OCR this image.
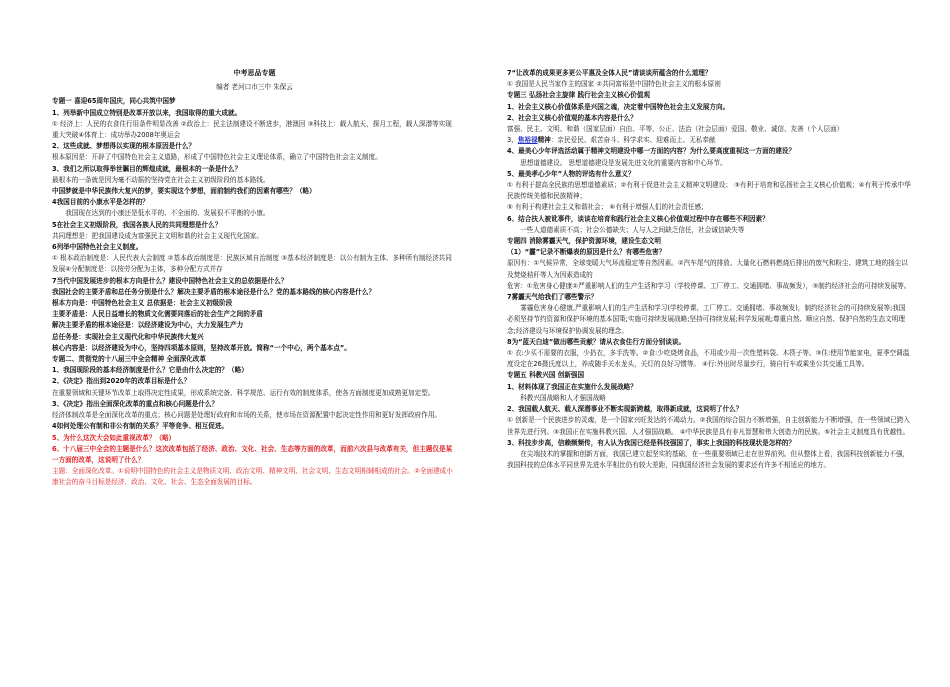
中考思品专题
编者 老河口市三中 朱保云

专题一 喜迎65周年国庆，同心共筑中国梦

1、列举新中国成立特别是改革开放以来，我国取得的重大成就。

① 经济上：人民的衣食住行用条件明显改善 ②政治上：民主法制建设不断进步，港澳回 ③科技上：载人航天，探月工程，载人深潜等实现重大突破④体育上：成功举办2008年奥运会

2、这些成就、梦想得以实现的根本原因是什么？

根本原因是：开辟了中国特色社会主义道路，形成了中国特色社会主义理论体系，确立了中国特色社会主义制度。

3、我们之所以取得举世瞩目的辉煌成就，最根本的一条是什么？

最根本的一条就是因为毫不动摇的坚持党在社会主义初级阶段的基本路线。

中国梦就是中华民族伟大复兴的梦，要实现这个梦想，面前制约我们的因素有哪些？（略）

4我国目前的小康水平是怎样的？

我国现在达到的小康还是低水平的、不全面的、发展很不平衡的小康。

5在社会主义初级阶段，我国各族人民的共同理想是什么？

共同理想是：把我国建设成为富强民主文明和谐的社会主义现代化国家。

6列举中国特色社会主义制度。

① 根本政治制度是：人民代表大会制度 ②基本政治制度是：民族区域自治制度 ③基本经济制度是：以公有制为主体、多种所有制经济共同发展④分配制度是：以按劳分配为主体，多种分配方式并存

7当代中国发展进步的根本方向是什么？建设中国特色社会主义的总依据是什么？

我国社会的主要矛盾和总任务分别是什么？解决主要矛盾的根本途径是什么？党的基本路线的核心内容是什么？

根本方向是：中国特色社会主义 总依据是：社会主义初级阶段

主要矛盾是：人民日益增长的物质文化需要同落后的社会生产之间的矛盾

解决主要矛盾的根本途径是：以经济建设为中心，大力发展生产力

总任务是：实现社会主义现代化和中华民族伟大复兴

核心内容是：以经济建设为中心，坚持四项基本原则，坚持改革开放。简称“一个中心，两个基本点”。

专题二、贯彻党的十八届三中全会精神 全面深化改革

1、我国现阶段的基本经济制度是什么？它是由什么决定的？（略）

2、《决定》指出到2020年的改革目标是什么？

在重要领域和关键环节改革上取得决定性成果，形成系统完备、科学规范、运行有效的制度体系，使各方面制度更加成熟更加定型。

3、《决定》指出全面深化改革的重点和核心问题是什么？

经济体制改革是全面深化改革的重点；核心问题是处理好政府和市场的关系，使市场在资源配置中起决定性作用和更好发挥政府作用。

4如何处理公有制和非公有制的关系？平等竞争、相互促进。

5、为什么这次大会如此重视改革？（略）

6、十八届三中全会的主题是什么？这次改革包括了经济、政治、文化、社会、生态等方面的改革，而前六次县与改革有关，但主题仅是某一方面的改革，这说明了什么？

主题：全面深化改革。①说明中国特色的社会主义是物质文明、政治文明、精神文明、社会文明、生态文明相辅相成的社会。②全面建成小康社会的奋斗目标是经济、政治、文化、社会、生态全面发展的目标。

7“让改革的成果更多更公平惠及全体人民”请谈谈所蕴含的什么道理？

① 我国是人民当家作主的国家 ②共同富裕是中国特色社会主义的根本原则

专题三 弘扬社会主旋律 践行社会主义核心价值观

1、社会主义核心价值体系是兴国之魂，决定着中国特色社会主义发展方向。

2、社会主义核心价值观的基本内容是什么？

富强、民主、文明、和谐（国家层面）自由、平等、公正、法治（社会层面）爱国、敬业、诚信、友善（个人层面）

3、焦裕禄精神：亲民爱民、艰苦奋斗、科学求实、迎难而上、无私奉献

4、最美心少年评选活动属于精神文明建设中哪一方面的内容？为什么要高度重视这一方面的建设？

思想道德建设。 思想道德建设是发展先进文化的重要内容和中心环节。

5、最美孝心少年”人物的评选有什么意义？

① 有利于提高全民族的思想道德素质；②有利于促进社会主义精神文明建设； ③有利于培育和弘扬社会主义核心价值观；④有利于传承中华民族传统美德和民族精神；

⑤ 有利于构建社会主义和谐社会； ⑥有利于增强人们的社会责任感；

6、结合扶人被讹事件，谈谈在培育和践行社会主义核心价值观过程中存在哪些不利因素？

一些人道德素质不高；社会公德缺失；人与人之间缺乏信任，社会诚信缺失等

专题四 消除雾霾天气，保护资源环境，建设生态文明

（1）“霾”记录不断爆表的原因是什么？有哪些危害？

原因有：①气候异常，全球变暖大气环流稳定等自然因素。②汽车尾气的排放、大量化石燃料燃烧后排出的废气和粉尘、建筑工地的扬尘以及焚烧秸秆等人为因素造成的

危害：①危害身心健康②严重影响人们的生产生活和学习（学校停课、工厂停工、交通拥堵、事故频发），③制约经济社会的可持续发展等。

7雾霾天气给我们了哪些警示？

雾霾危害身心健康,严重影响人们的生产生活和学习(学校停课、工厂停工、交通拥堵、事故频发)，制约经济社会的可持续发展等;我国必须坚持节约资源和保护环境的基本国策;实施可持续发展战略;坚持可持续发展;科学发展观;尊重自然、顺应自然、保护自然的生态文明理念;经济建设与环境保护协调发展的理念。

8为“蓝天白迪”做出哪些贡献？请从衣食住行方面分别谈谈。

① 衣:少买不需要的衣服，少扔衣，多手洗等。②食:少吃烧烤食品，不用或少用一次性塑料袋、木筷子等。③住:使用节能家电，夏季空调温度设定在26摄氏度以上，养成随手关水龙头，关灯的良好习惯等。 ④行:外出时尽量步行，骑自行车或乘坐公共交通工具等。

专题五 科教兴国 创新强国

1、材料体现了我国正在实施什么发展战略？

科教兴国战略和人才强国战略

2、我国载人航天、载人深潜事业不断实现新跨越，取得新成就，这说明了什么？

① 创新是一个民族进步的灵魂，是一个国家兴旺发达的不竭动力。②我国的综合国力不断增强，自主创新能力不断增强，在一些领域已跨入世界先进行列。③我国正在实施科教兴国、人才强国战略。 ④中华民族是具有非凡智慧和伟大创造力的民族。⑤社会主义制度具有优越性。

3、科技步步高，信赖频频传，有人认为我国已经是科技强国了，事实上我国的科技现状是怎样的？

在尖端技术的掌握和创新方面，我国已建立起坚实的基础，在一些重要领域已走在世界前列。但从整体上看，我国科技创新能力不强，我国科技的总体水平同世界先进水平相比仍有较大差距，同我国经济社会发展的要求还有许多不相适应的地方。
